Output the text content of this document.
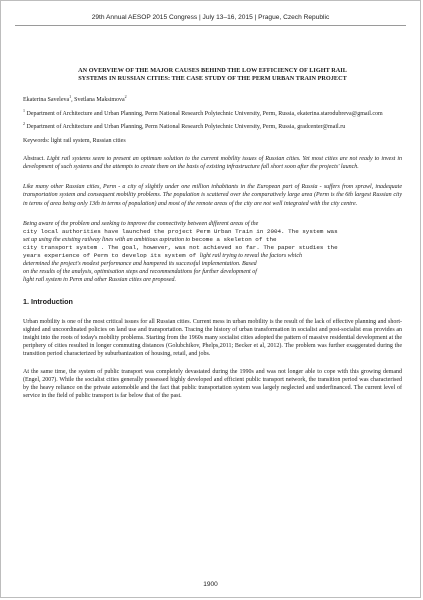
29th Annual AESOP 2015 Congress | July 13–16, 2015 | Prague, Czech Republic
AN OVERVIEW OF THE MAJOR CAUSES BEHIND THE LOW EFFICIENCY OF LIGHT RAIL
SYSTEMS IN RUSSIAN CITIES: THE CASE STUDY OF THE PERM URBAN TRAIN PROJECT
Ekaterina Saveleva$^1$, Svetlana Maksimova$^2$
$^1$ Department of Architecture and Urban Planning, Perm National Research Polytechnic University, Perm, Russia, ekaterina.starodubreva@gmail.com
$^2$ Department of Architecture and Urban Planning, Perm National Research Polytechnic University, Perm, Russia, gradcenter@mail.ru
Keywords: light rail system, Russian cities
Abstract. Light rail systems seem to present an optimum solution to the current mobility issues of Russian cities. Yet most cities are not ready to invest in development of such systems and the attempts to create them on the basis of existing infrastructure fall short soon after the projects' launch.
Like many other Russian cities, Perm - a city of slightly under one million inhabitants in the European part of Russia - suffers from sprawl, inadequate transportation system and consequent mobility problems. The population is scattered over the comparatively large area (Perm is the 6th largest Russian city in terms of area being only 13th in terms of population) and most of the remote areas of the city are not well integrated with the city centre.
Being aware of the problem and seeking to improve the connectivity between different areas of the
city local authorities have launched the project Perm Urban Train in 2004. The system was
set up using the existing railway lines with an ambitious aspiration to become a skeleton of the
city transport system . The goal, however, was not achieved so far. The paper studies the
years experience of Perm to develop its system of light rail trying to reveal the factors which
determined the project's modest performance and hampered its successful implementation. Based
on the results of the analysis, optimisation steps and recommendations for further development of
light rail system in Perm and other Russian cities are proposed.
1. Introduction
Urban mobility is one of the most critical issues for all Russian cities. Current mess in urban mobility is the result of the lack of effective planning and short-sighted and uncoordinated policies on land use and transportation. Tracing the history of urban transformation in socialist and post-socialist eras provides an insight into the roots of today's mobility problems. Starting from the 1960s many socialist cities adopted the pattern of massive residential development at the periphery of cities resulted in longer commuting distances (Golubchikov, Phelps,2011; Becker et al, 2012). The problem was further exaggerated during the transition period characterized by suburbanization of housing, retail, and jobs.
At the same time, the system of public transport was completely devastated during the 1990s and was not longer able to cope with this growing demand (Engel, 2007). While the socialist cities generally possessed highly developed and efficient public transport network, the transition period was characterised by the heavy reliance on the private automobile and the fact that public transportation system was largely neglected and underfinanced. The current level of service in the field of public transport is far below that of the past.
1900
